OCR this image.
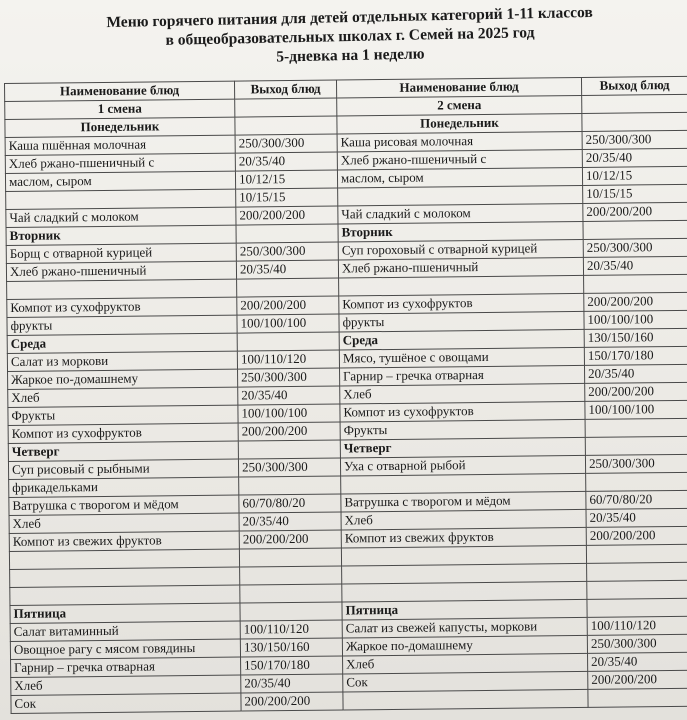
Меню горячего питания для детей отдельных категорий 1-11 классов
в общеобразовательных школах г. Семей на 2025 год
5-дневка на 1 неделю
Наименование блюд	Выход блюд	Наименование блюд	Выход блюд
1 смена		2 смена	
Понедельник		Понедельник	
Каша пшённая молочная	250/300/300	Каша рисовая молочная	250/300/300
Хлеб ржано-пшеничный с	20/35/40	Хлеб ржано-пшеничный с	20/35/40
маслом, сыром	10/12/15	маслом, сыром	10/12/15
	10/15/15		10/15/15
Чай сладкий с молоком	200/200/200	Чай сладкий с молоком	200/200/200
Вторник		Вторник	
Борщ с отварной курицей	250/300/300	Суп гороховый с отварной курицей	250/300/300
Хлеб ржано-пшеничный	20/35/40	Хлеб ржано-пшеничный	20/35/40

Компот из сухофруктов	200/200/200	Компот из сухофруктов	200/200/200
фрукты	100/100/100	фрукты	100/100/100
Среда		Среда	130/150/160
Салат из моркови	100/110/120	Мясо, тушёное с овощами	150/170/180
Жаркое по-домашнему	250/300/300	Гарнир – гречка отварная	20/35/40
Хлеб	20/35/40	Хлеб	200/200/200
Фрукты	100/100/100	Компот из сухофруктов	100/100/100
Компот из сухофруктов	200/200/200	Фрукты	
Четверг		Четверг	
Суп рисовый с рыбными	250/300/300	Уха с отварной рыбой	250/300/300
фрикадельками			
Ватрушка с творогом и мёдом	60/70/80/20	Ватрушка с творогом и мёдом	60/70/80/20
Хлеб	20/35/40	Хлеб	20/35/40
Компот из свежих фруктов	200/200/200	Компот из свежих фруктов	200/200/200

Пятница		Пятница	
Салат витаминный	100/110/120	Салат из свежей капусты, моркови	100/110/120
Овощное рагу с мясом говядины	130/150/160	Жаркое по-домашнему	250/300/300
Гарнир – гречка отварная	150/170/180	Хлеб	20/35/40
Хлеб	20/35/40	Сок	200/200/200
Сок	200/200/200		
